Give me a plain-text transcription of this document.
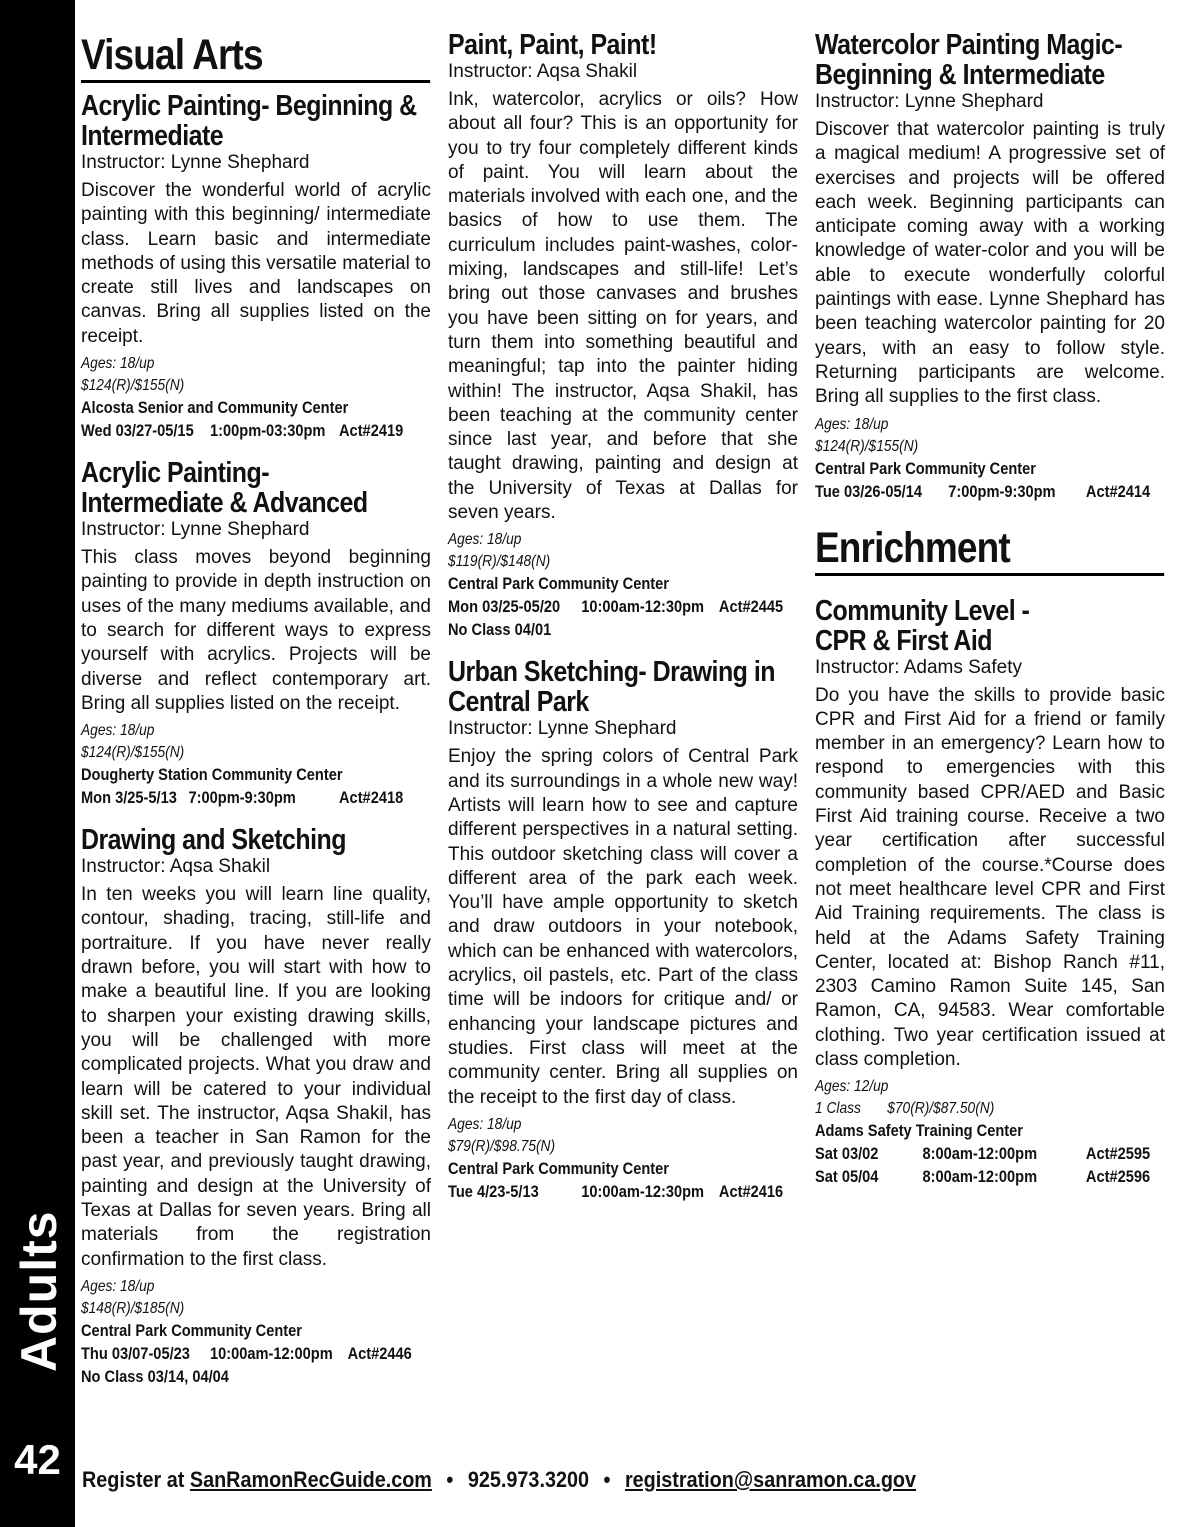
Adults
42
Visual Arts
Acrylic Painting- Beginning &
Intermediate

Instructor: Lynne Shephard

Discover the wonderful world of acrylic painting with this beginning/ intermediate class. Learn basic and intermediate methods of using this versatile material to create still lives and landscapes on canvas. Bring all supplies listed on the receipt.

Ages: 18/up

$124(R)/$155(N)

Alcosta Senior and Community Center

Wed 03/27-05/15 1:00pm-03:30pm Act#2419

Acrylic Painting-
Intermediate & Advanced

Instructor: Lynne Shephard

This class moves beyond beginning painting to provide in depth instruction on uses of the many mediums available, and to search for different ways to express yourself with acrylics. Projects will be diverse and reflect contemporary art. Bring all supplies listed on the receipt.

Ages: 18/up

$124(R)/$155(N)

Dougherty Station Community Center

Mon 3/25-5/13 7:00pm-9:30pm	Act#2418

Drawing and Sketching

Instructor: Aqsa Shakil

In ten weeks you will learn line quality, contour, shading, tracing, still-life and portraiture. If you have never really drawn before, you will start with how to make a beautiful line. If you are looking to sharpen your existing drawing skills, you will be challenged with more complicated projects. What you draw and learn will be catered to your individual skill set. The instructor, Aqsa Shakil, has been a teacher in San Ramon for the past year, and previously taught drawing, painting and design at the University of Texas at Dallas for seven years. Bring all materials from the registration confirmation to the first class.

Ages: 18/up

$148(R)/$185(N)

Central Park Community Center

Thu 03/07-05/23 10:00am-12:00pm Act#2446

No Class 03/14, 04/04

Paint, Paint, Paint!

Instructor: Aqsa Shakil

Ink, watercolor, acrylics or oils? How about all four? This is an opportunity for you to try four completely different kinds of paint. You will learn about the materials involved with each one, and the basics of how to use them. The curriculum includes paint-washes, color-mixing, landscapes and still-life! Let’s bring out those canvases and brushes you have been sitting on for years, and turn them into something beautiful and meaningful; tap into the painter hiding within! The instructor, Aqsa Shakil, has been teaching at the community center since last year, and before that she taught drawing, painting and design at the University of Texas at Dallas for seven years.

Ages: 18/up

$119(R)/$148(N)

Central Park Community Center

Mon 03/25-05/20 10:00am-12:30pm Act#2445

No Class 04/01

Urban Sketching- Drawing in
Central Park

Instructor: Lynne Shephard

Enjoy the spring colors of Central Park and its surroundings in a whole new way! Artists will learn how to see and capture different perspectives in a natural setting. This outdoor sketching class will cover a different area of the park each week. You’ll have ample opportunity to sketch and draw outdoors in your notebook, which can be enhanced with watercolors, acrylics, oil pastels, etc. Part of the class time will be indoors for critique and/ or enhancing your landscape pictures and studies. First class will meet at the community center. Bring all supplies on the receipt to the first day of class.

Ages: 18/up

$79(R)/$98.75(N)

Central Park Community Center

Tue 4/23-5/13	10:00am-12:30pm Act#2416

Watercolor Painting Magic-
Beginning & Intermediate

Instructor: Lynne Shephard

Discover that watercolor painting is truly a magical medium! A progressive set of exercises and projects will be offered each week. Beginning participants can anticipate coming away with a working knowledge of water-color and you will be able to execute wonderfully colorful paintings with ease. Lynne Shephard has been teaching watercolor painting for 20 years, with an easy to follow style. Returning participants are welcome. Bring all supplies to the first class.

Ages: 18/up

$124(R)/$155(N)

Central Park Community Center

Tue 03/26-05/14 7:00pm-9:30pm Act#2414

Enrichment
Community Level -
CPR & First Aid

Instructor: Adams Safety

Do you have the skills to provide basic CPR and First Aid for a friend or family member in an emergency? Learn how to respond to emergencies with this community based CPR/AED and Basic First Aid training course. Receive a two year certification after successful completion of the course.*Course does not meet healthcare level CPR and First Aid Training requirements. The class is held at the Adams Safety Training Center, located at: Bishop Ranch #11, 2303 Camino Ramon Suite 145, San Ramon, CA, 94583. Wear comfortable clothing. Two year certification issued at class completion.

Ages: 12/up

1 Class $70(R)/$87.50(N)

Adams Safety Training Center

Sat 03/02	8:00am-12:00pm	Act#2595

Sat 05/04	8:00am-12:00pm	Act#2596

Register at SanRamonRecGuide.com • 925.973.3200 • registration@sanramon.ca.gov
